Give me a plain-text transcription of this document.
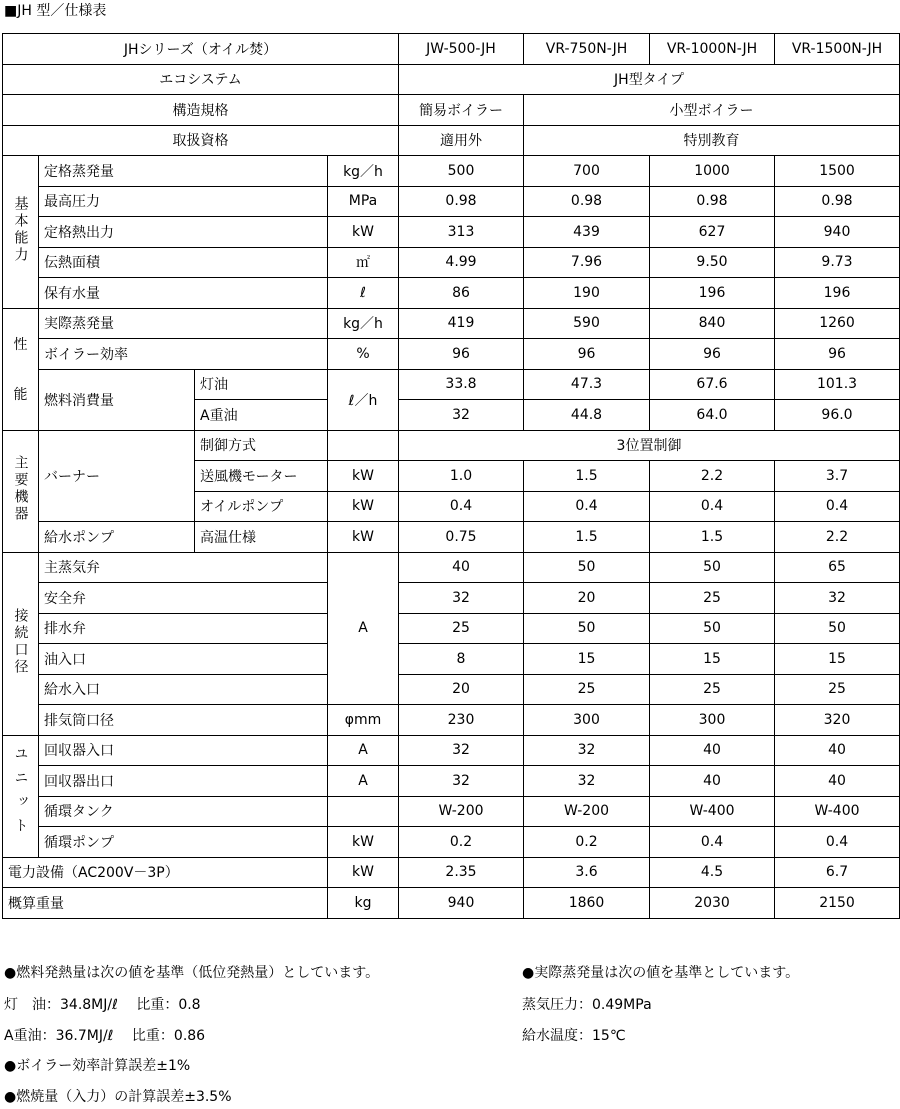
■JH 型／仕様表
JHシリーズ（オイル焚）				JW-500-JH	VR-750N-JH	VR-1000N-JH	VR-1500N-JH
エコシステム				JH型タイプ			
構造規格				簡易ボイラー	小型ボイラー		
取扱資格				適用外	特別教育		
基本能力	定格蒸発量		kg／h	500	700	1000	1500
	最高圧力		MPa	0.98	0.98	0.98	0.98
	定格熱出力		kW	313	439	627	940
	伝熱面積		㎡	4.99	7.96	9.50	9.73
	保有水量		ℓ	86	190	196	196

性
能	実際蒸発量		kg／h	419	590	840	1260
	ボイラー効率		%	96	96	96	96
	燃料消費量	灯油	ℓ／h	33.8	47.3	67.6	101.3
		A重油		32	44.8	64.0	96.0
主要機器	バーナー	制御方式		3位置制御			
		送風機モーター	kW	1.0	1.5	2.2	3.7
		オイルポンプ	kW	0.4	0.4	0.4	0.4
	給水ポンプ	高温仕様	kW	0.75	1.5	1.5	2.2
接続口径	主蒸気弁		A	40	50	50	65
	安全弁			32	20	25	32
	排水弁			25	50	50	50
	油入口			8	15	15	15
	給水入口			20	25	25	25
	排気筒口径		φmm	230	300	300	320
ユニット	回収器入口		A	32	32	40	40
	回収器出口		A	32	32	40	40
	循環タンク			W-200	W-200	W-400	W-400
	循環ポンプ		kW	0.2	0.2	0.4	0.4
電力設備（AC200V－3P）			kW	2.35	3.6	4.5	6.7
概算重量			kg	940	1860	2030	2150
●燃料発熱量は次の値を基準（低位発熱量）としています。
灯　油：34.8MJ/ℓ　 比重：0.8
A重油：36.7MJ/ℓ　 比重：0.86
●ボイラー効率計算誤差±1%
●燃焼量（入力）の計算誤差±3.5%
●実際蒸発量は次の値を基準としています。
蒸気圧力：0.49MPa
給水温度：15℃
